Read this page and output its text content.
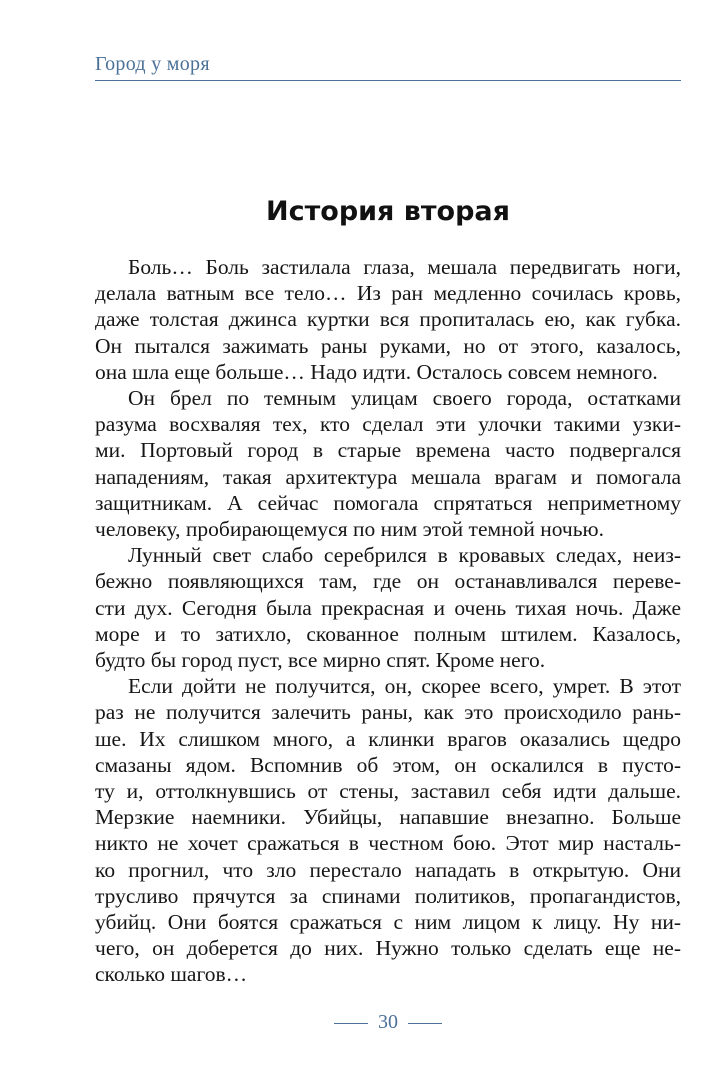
Город у моря
История вторая
Боль… Боль застилала глаза, мешала передвигать ноги,
делала ватным все тело… Из ран медленно сочилась кровь,
даже толстая джинса куртки вся пропиталась ею, как губка.
Он пытался зажимать раны руками, но от этого, казалось,
она шла еще больше… Надо идти. Осталось совсем немного.
Он брел по темным улицам своего города, остатками
разума восхваляя тех, кто сделал эти улочки такими узки-
ми. Портовый город в старые времена часто подвергался
нападениям, такая архитектура мешала врагам и помогала
защитникам. А сейчас помогала спрятаться неприметному
человеку, пробирающемуся по ним этой темной ночью.
Лунный свет слабо серебрился в кровавых следах, неиз-
бежно появляющихся там, где он останавливался переве-
сти дух. Сегодня была прекрасная и очень тихая ночь. Даже
море и то затихло, скованное полным штилем. Казалось,
будто бы город пуст, все мирно спят. Кроме него.
Если дойти не получится, он, скорее всего, умрет. В этот
раз не получится залечить раны, как это происходило рань-
ше. Их слишком много, а клинки врагов оказались щедро
смазаны ядом. Вспомнив об этом, он оскалился в пусто-
ту и, оттолкнувшись от стены, заставил себя идти дальше.
Мерзкие наемники. Убийцы, напавшие внезапно. Больше
никто не хочет сражаться в честном бою. Этот мир насталь-
ко прогнил, что зло перестало нападать в открытую. Они
трусливо прячутся за спинами политиков, пропагандистов,
убийц. Они боятся сражаться с ним лицом к лицу. Ну ни-
чего, он доберется до них. Нужно только сделать еще не-
сколько шагов…
30
